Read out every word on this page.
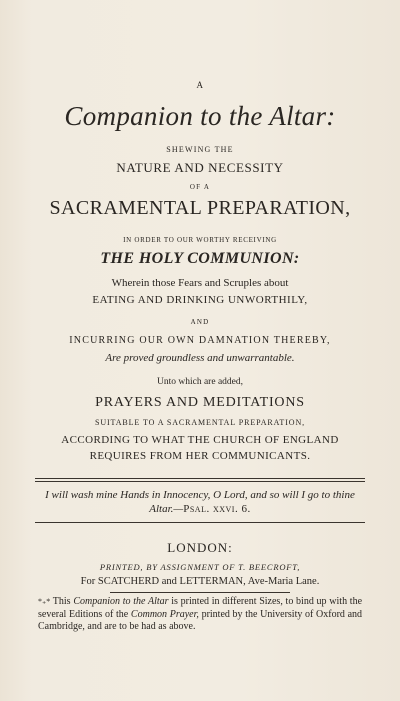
A
Companion to the Altar:
SHEWING THE
NATURE AND NECESSITY
OF A
SACRAMENTAL PREPARATION,
IN ORDER TO OUR WORTHY RECEIVING
THE HOLY COMMUNION:
Wherein those Fears and Scruples about
EATING AND DRINKING UNWORTHILY,
AND
INCURRING OUR OWN DAMNATION THEREBY,
Are proved groundless and unwarrantable.
Unto which are added,
PRAYERS AND MEDITATIONS
SUITABLE TO A SACRAMENTAL PREPARATION,
ACCORDING TO WHAT THE CHURCH OF ENGLAND
REQUIRES FROM HER COMMUNICANTS.
I will wash mine Hands in Innocency, O Lord, and so will I go to thine Altar.—Psal. xxvi. 6.
LONDON:
PRINTED, BY ASSIGNMENT OF T. BEECROFT,
For SCATCHERD and LETTERMAN, Ave-Maria Lane.
*₊* This Companion to the Altar is printed in different Sizes, to bind up with the several Editions of the Common Prayer, printed by the University of Oxford and Cambridge, and are to be had as above.
